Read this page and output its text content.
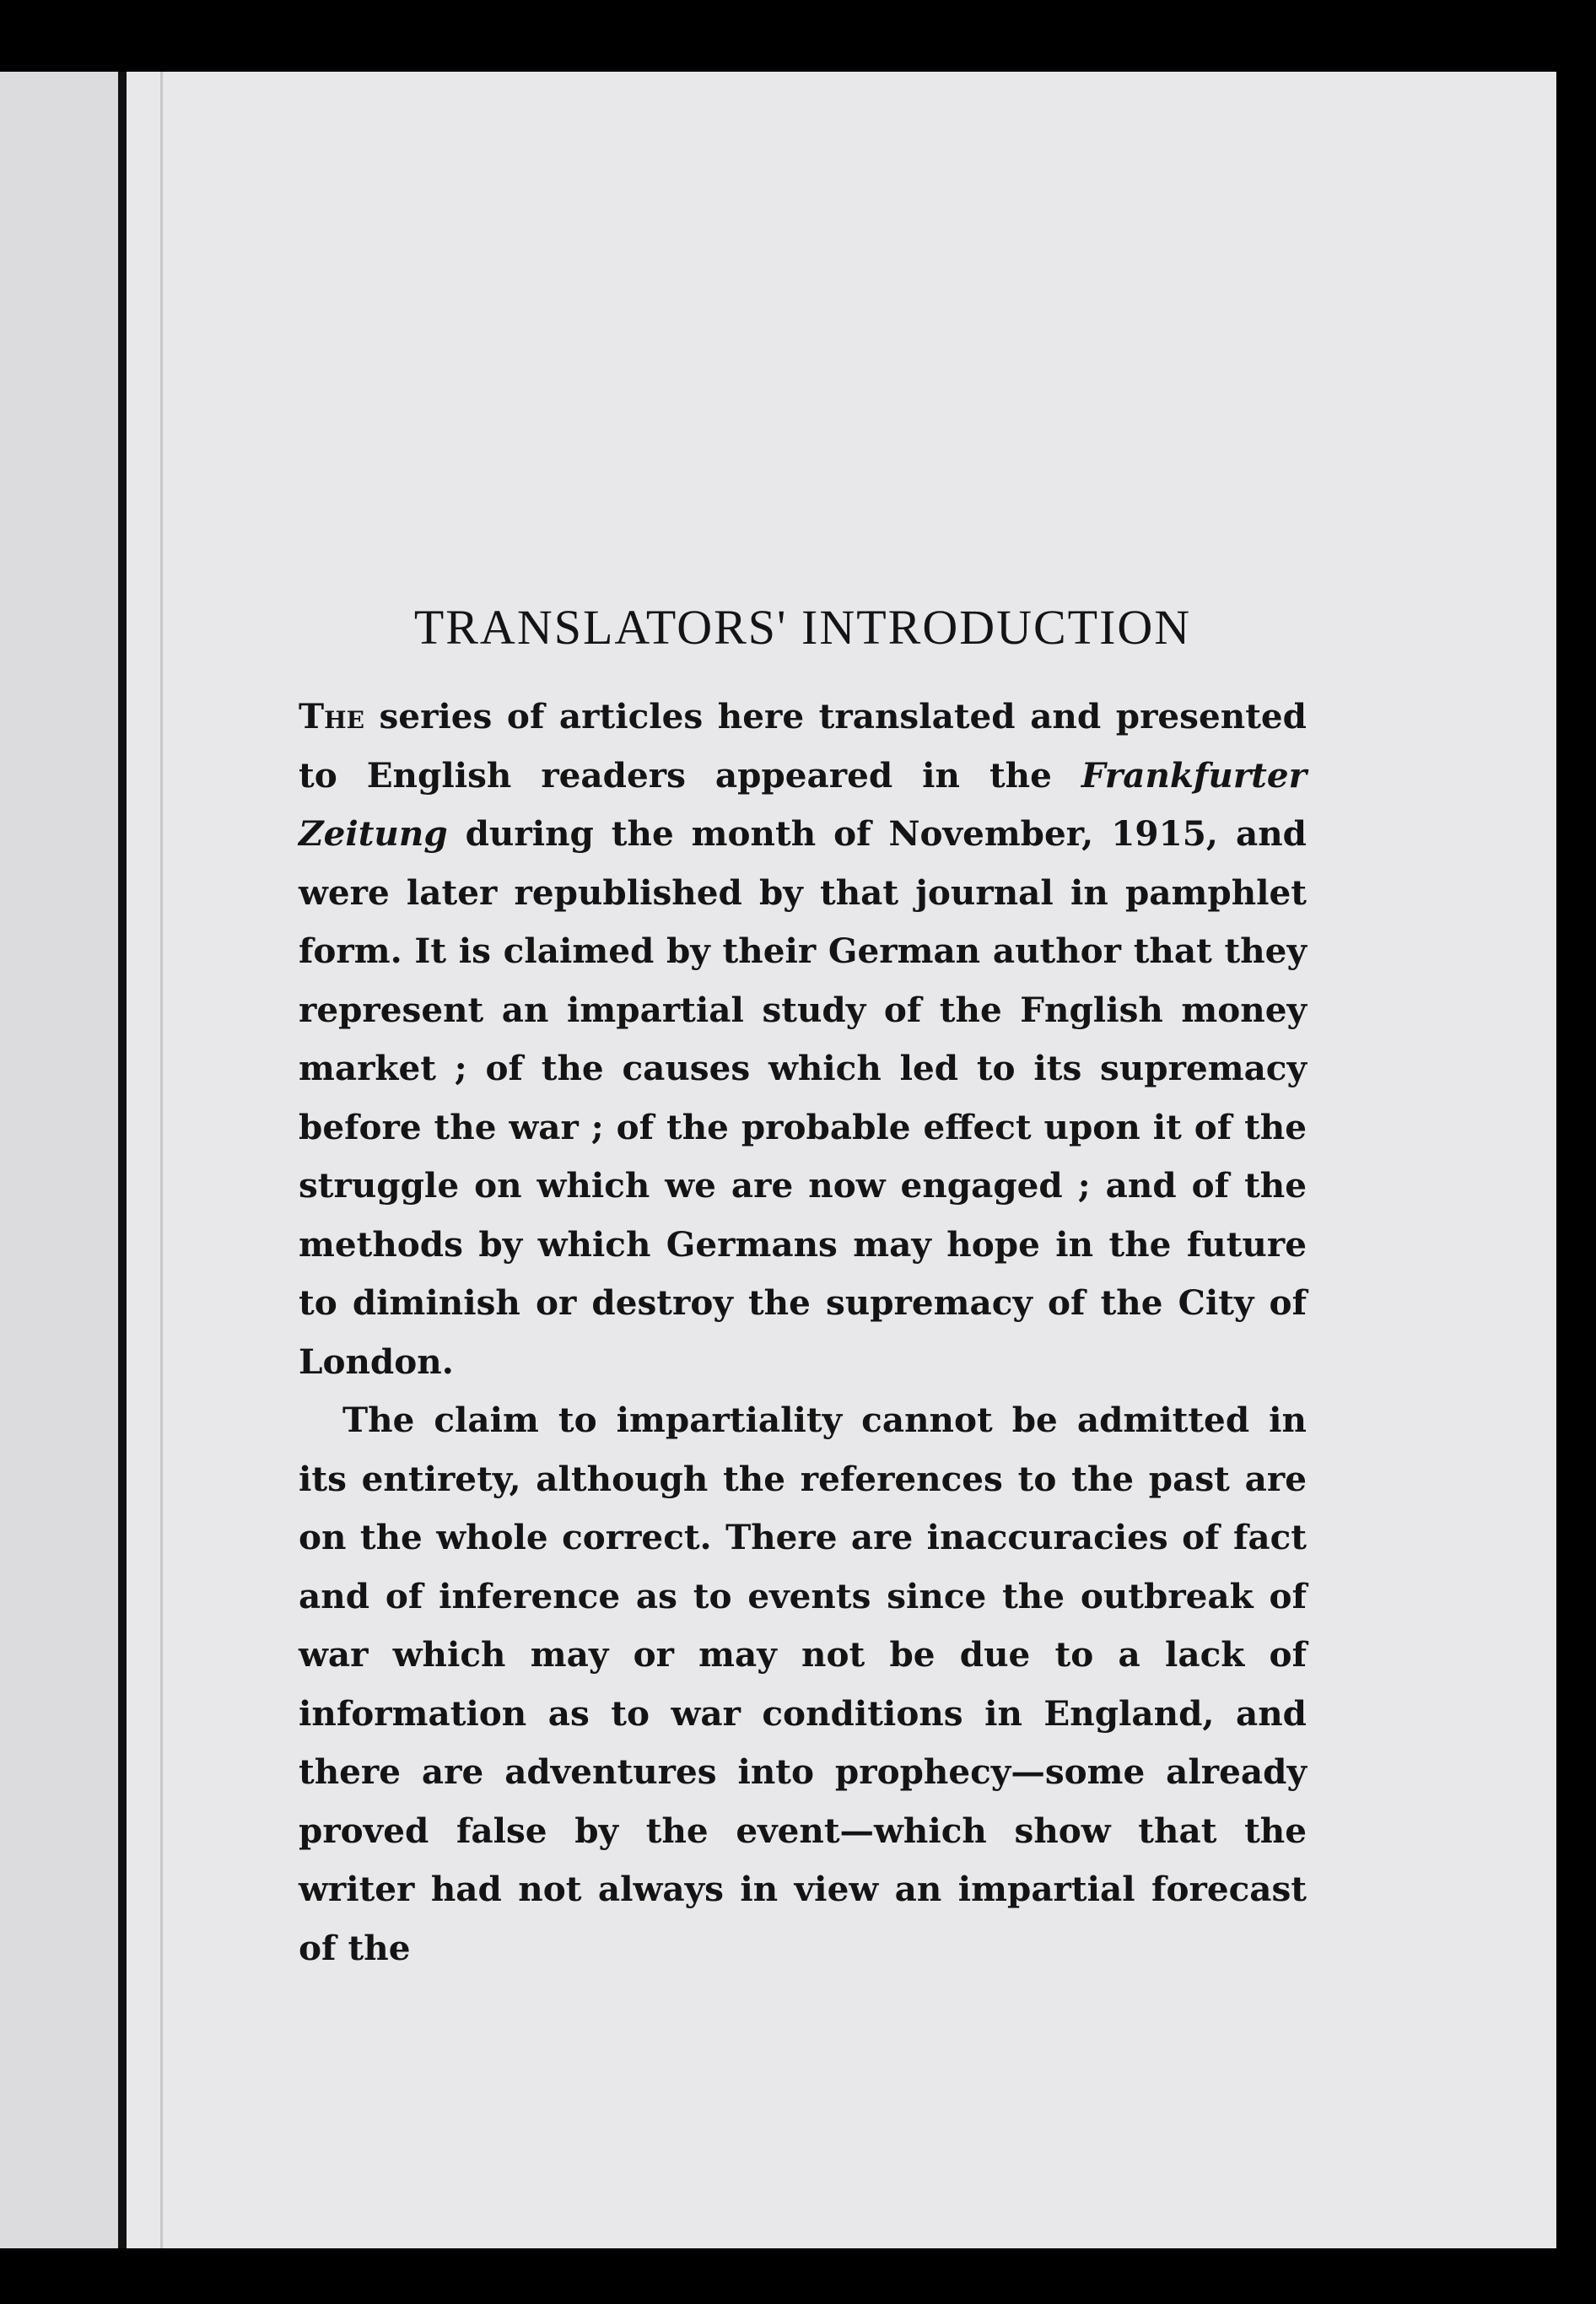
TRANSLATORS' INTRODUCTION

The series of articles here translated and presented to English readers appeared in the Frankfurter Zeitung during the month of November, 1915, and were later republished by that journal in pamphlet form. It is claimed by their German author that they represent an impartial study of the Fnglish money market ; of the causes which led to its supremacy before the war ; of the probable effect upon it of the struggle on which we are now engaged ; and of the methods by which Germans may hope in the future to diminish or destroy the supremacy of the City of London.

The claim to impartiality cannot be admitted in its entirety, although the references to the past are on the whole correct. There are inaccuracies of fact and of inference as to events since the outbreak of war which may or may not be due to a lack of information as to war conditions in England, and there are adventures into prophecy—some already proved false by the event—which show that the writer had not always in view an impartial forecast of the
